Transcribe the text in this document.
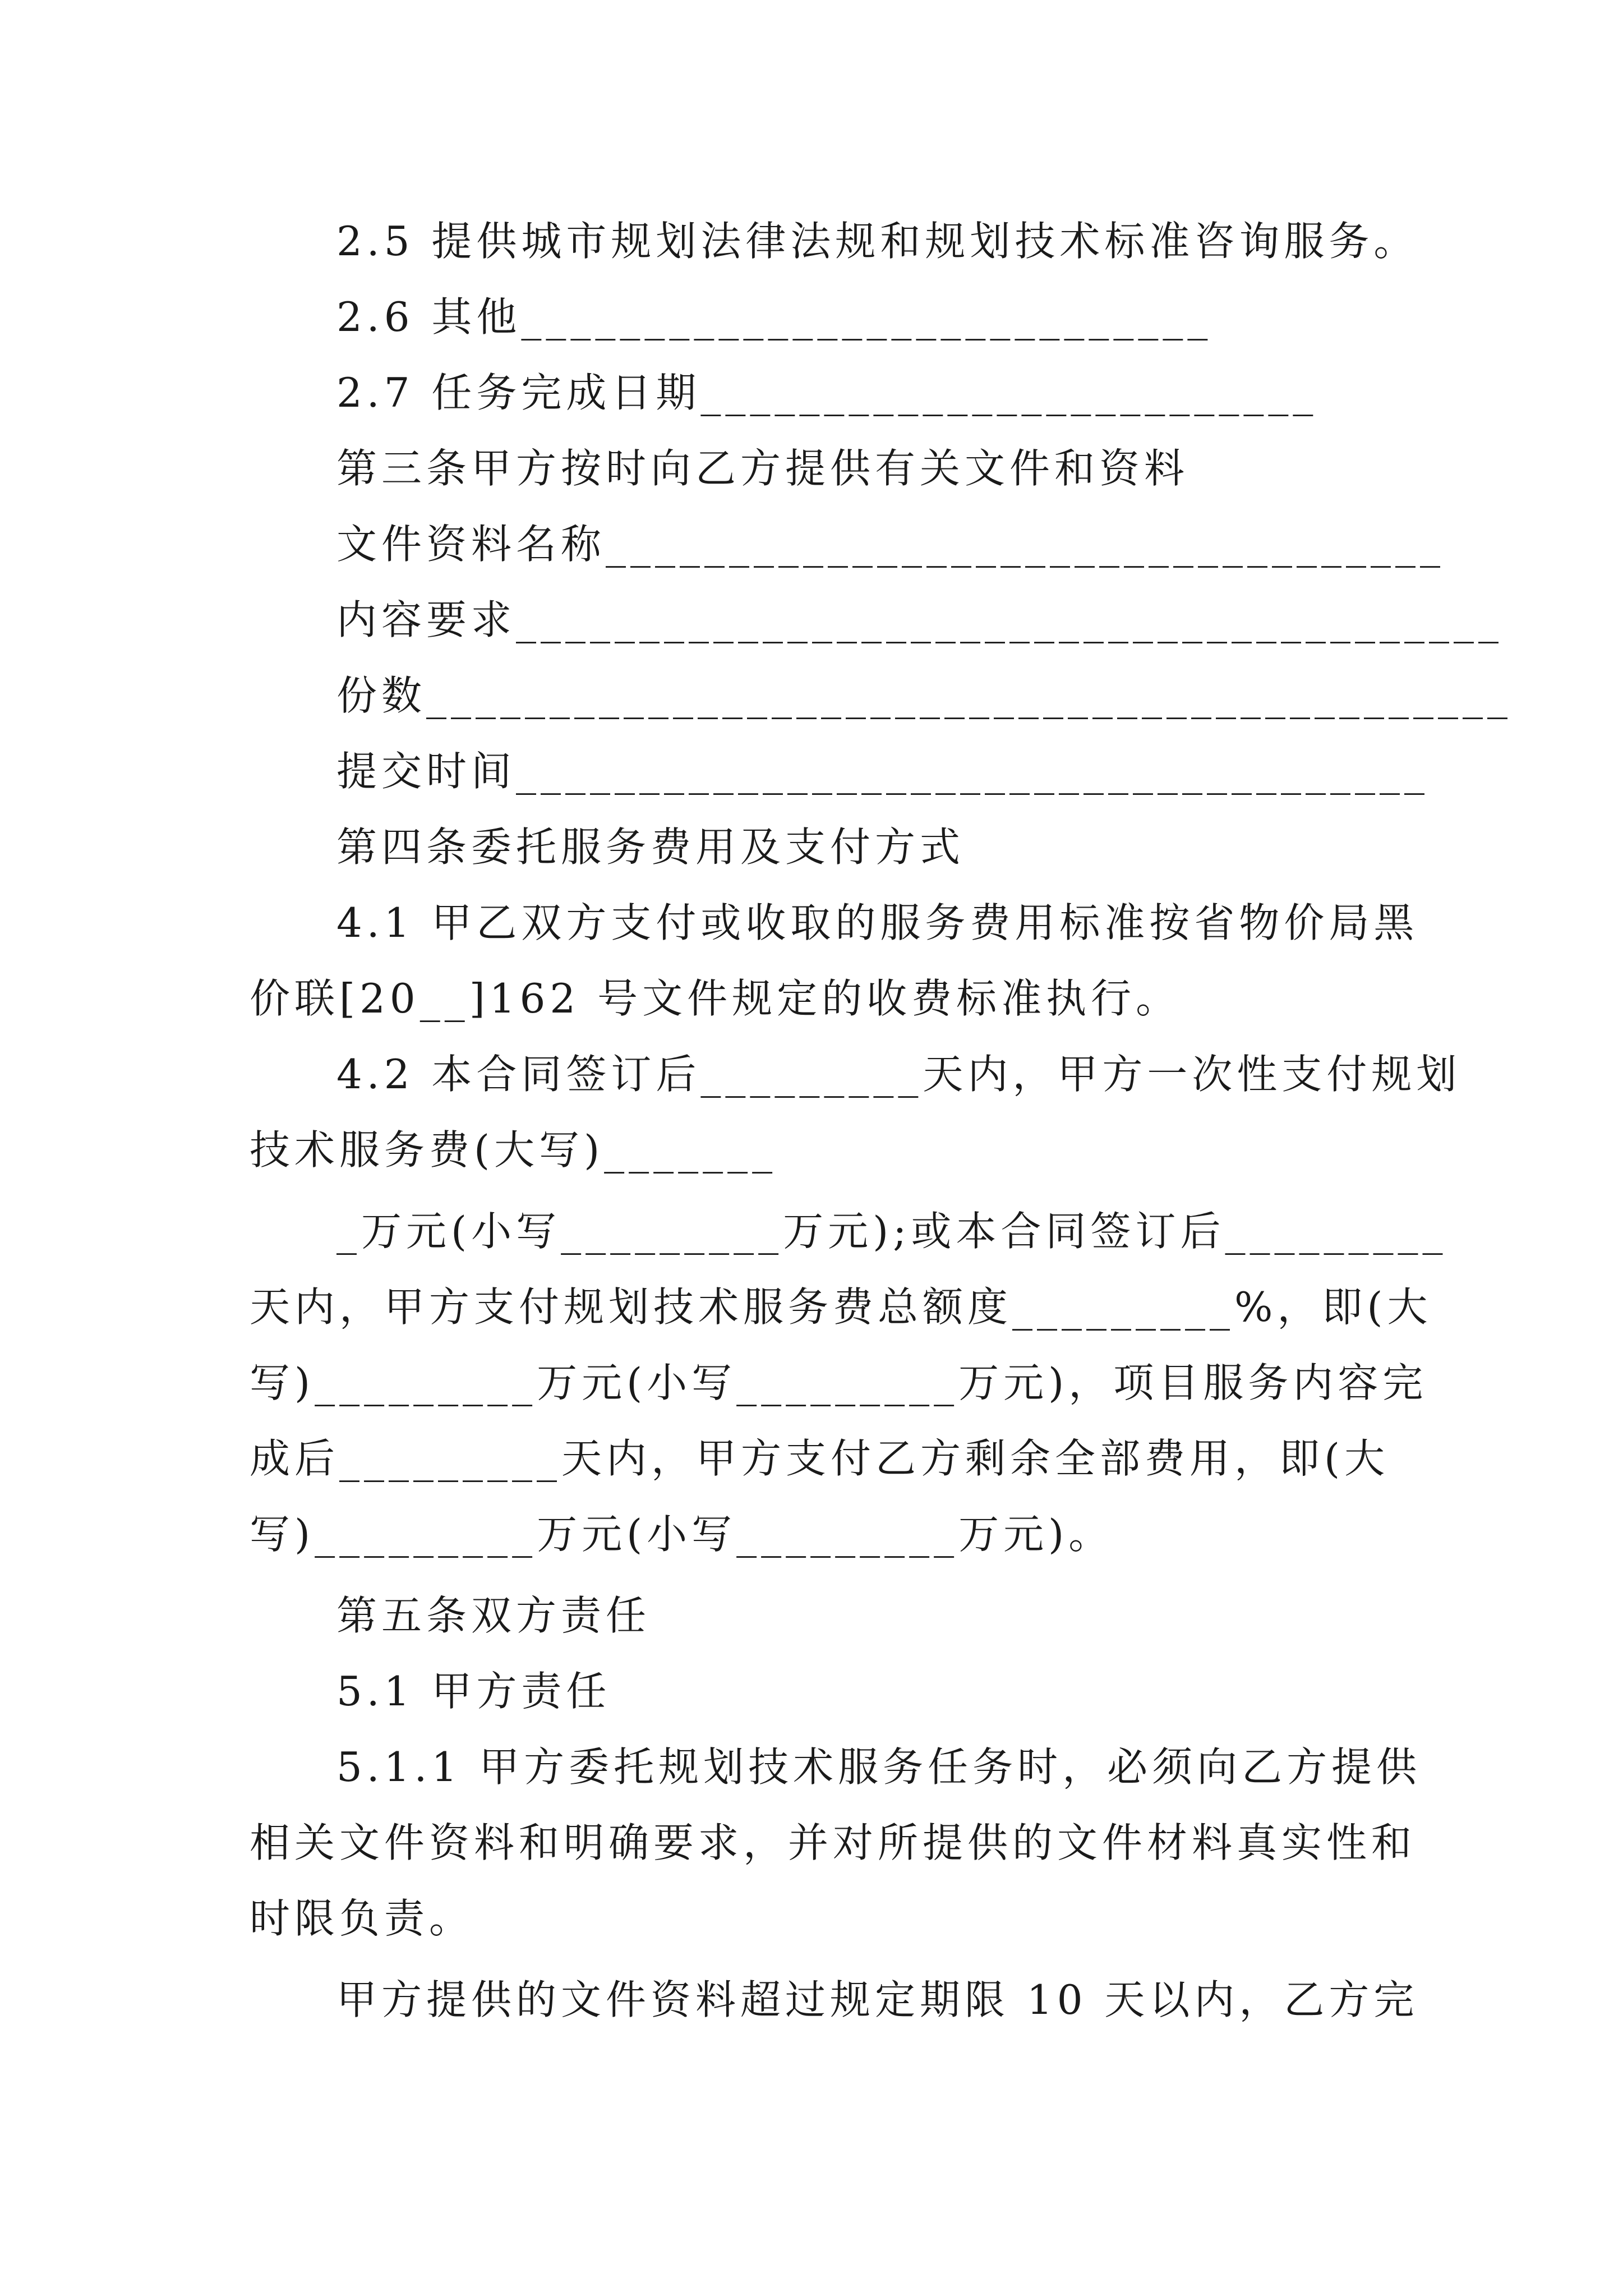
2.5 提供城市规划法律法规和规划技术标准咨询服务。
2.6 其他____________________________
2.7 任务完成日期_________________________
第三条甲方按时向乙方提供有关文件和资料
文件资料名称__________________________________
内容要求________________________________________
份数____________________________________________
提交时间_____________________________________
第四条委托服务费用及支付方式
4.1 甲乙双方支付或收取的服务费用标准按省物价局黑
价联[20__]162 号文件规定的收费标准执行。
4.2 本合同签订后_________天内，甲方一次性支付规划
技术服务费(大写)_______
_万元(小写_________万元);或本合同签订后_________
天内，甲方支付规划技术服务费总额度_________%，即(大
写)_________万元(小写_________万元)，项目服务内容完
成后_________天内，甲方支付乙方剩余全部费用，即(大
写)_________万元(小写_________万元)。
第五条双方责任
5.1 甲方责任
5.1.1 甲方委托规划技术服务任务时，必须向乙方提供
相关文件资料和明确要求，并对所提供的文件材料真实性和
时限负责。
甲方提供的文件资料超过规定期限 10 天以内，乙方完
